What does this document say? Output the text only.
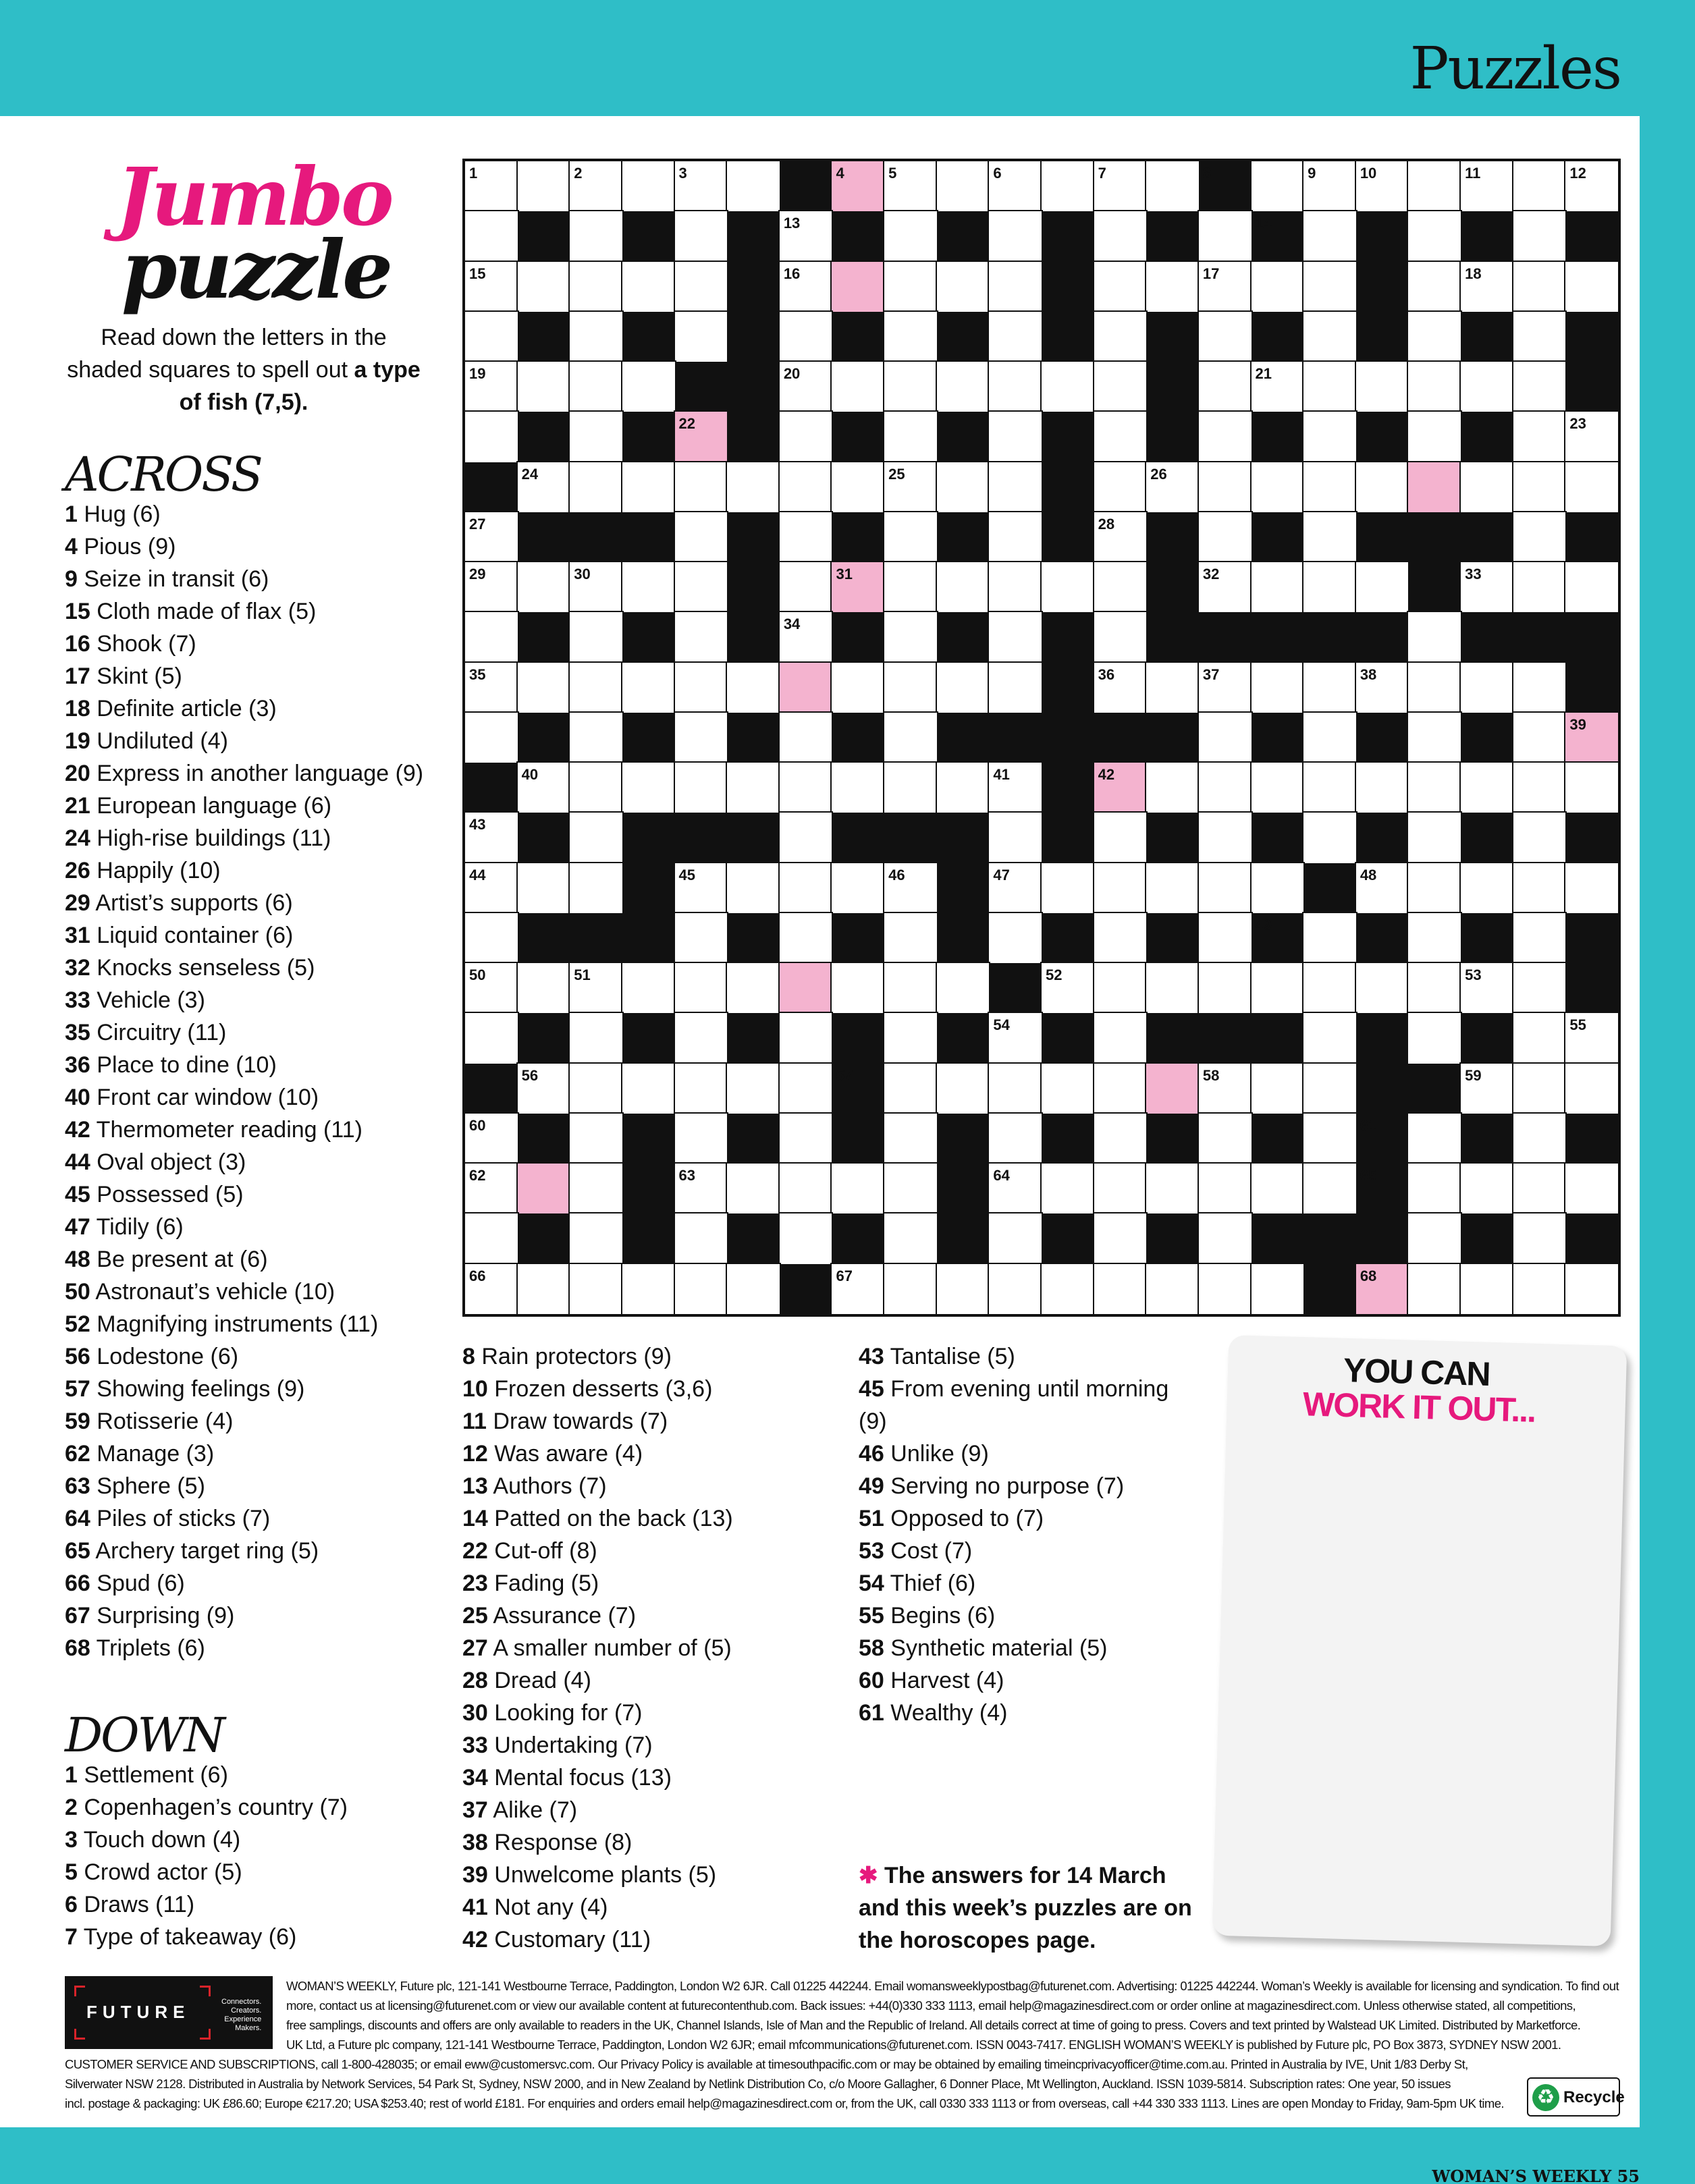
Puzzles
WOMAN’S WEEKLY 55
Jumbo
puzzle
Read down the letters in the shaded squares to spell out a type of fish (7,5).
ACROSS
1 Hug (6)
4 Pious (9)
9 Seize in transit (6)
15 Cloth made of flax (5)
16 Shook (7)
17 Skint (5)
18 Definite article (3)
19 Undiluted (4)
20 Express in another language (9)
21 European language (6)
24 High-rise buildings (11)
26 Happily (10)
29 Artist’s supports (6)
31 Liquid container (6)
32 Knocks senseless (5)
33 Vehicle (3)
35 Circuitry (11)
36 Place to dine (10)
40 Front car window (10)
42 Thermometer reading (11)
44 Oval object (3)
45 Possessed (5)
47 Tidily (6)
48 Be present at (6)
50 Astronaut’s vehicle (10)
52 Magnifying instruments (11)
56 Lodestone (6)
57 Showing feelings (9)
59 Rotisserie (4)
62 Manage (3)
63 Sphere (5)
64 Piles of sticks (7)
65 Archery target ring (5)
66 Spud (6)
67 Surprising (9)
68 Triplets (6)
DOWN
1 Settlement (6)
2 Copenhagen’s country (7)
3 Touch down (4)
5 Crowd actor (5)
6 Draws (11)
7 Type of takeaway (6)
8 Rain protectors (9)
10 Frozen desserts (3,6)
11 Draw towards (7)
12 Was aware (4)
13 Authors (7)
14 Patted on the back (13)
22 Cut-off (8)
23 Fading (5)
25 Assurance (7)
27 A smaller number of (5)
28 Dread (4)
30 Looking for (7)
33 Undertaking (7)
34 Mental focus (13)
37 Alike (7)
38 Response (8)
39 Unwelcome plants (5)
41 Not any (4)
42 Customary (11)
43 Tantalise (5)
45 From evening until morning (9)
46 Unlike (9)
49 Serving no purpose (7)
51 Opposed to (7)
53 Cost (7)
54 Thief (6)
55 Begins (6)
58 Synthetic material (5)
60 Harvest (4)
61 Wealthy (4)
1	2	3	4	5	6	7	8	9	10	11	12
13	14
15	16	17	18
19	20	21
22	23
24	25	26
27	28
29	30	31	32	33
34
35	36	37	38
39
40	41	42
43
44	45	46	47	48
49
50	51	52	53
54	55
56	57	58	59
60	61
62	63	64	65
66	67	68
YOU CAN
WORK IT OUT...
✱ The answers for 14 March and this week’s puzzles are on the horoscopes page.
FUTURE	Connectors.
Creators.
Experience
Makers.
WOMAN’S WEEKLY, Future plc, 121-141 Westbourne Terrace, Paddington, London W2 6JR. Call 01225 442244. Email womansweeklypostbag@futurenet.com. Advertising: 01225 442244. Woman’s Weekly is available for licensing and syndication. To find out
more, contact us at licensing@futurenet.com or view our available content at futurecontenthub.com. Back issues: +44(0)330 333 1113, email help@magazinesdirect.com or order online at magazinesdirect.com. Unless otherwise stated, all competitions,
free samplings, discounts and offers are only available to readers in the UK, Channel Islands, Isle of Man and the Republic of Ireland. All details correct at time of going to press. Covers and text printed by Walstead UK Limited. Distributed by Marketforce.
UK Ltd, a Future plc company, 121-141 Westbourne Terrace, Paddington, London W2 6JR; email mfcommunications@futurenet.com. ISSN 0043-7417. ENGLISH WOMAN’S WEEKLY is published by Future plc, PO Box 3873, SYDNEY NSW 2001.
CUSTOMER SERVICE AND SUBSCRIPTIONS, call 1-800-428035; or email eww@customersvc.com. Our Privacy Policy is available at timesouthpacific.com or may be obtained by emailing timeincprivacyofficer@time.com.au. Printed in Australia by IVE, Unit 1/83 Derby St,
Silverwater NSW 2128. Distributed in Australia by Network Services, 54 Park St, Sydney, NSW 2000, and in New Zealand by Netlink Distribution Co, c/o Moore Gallagher, 6 Donner Place, Mt Wellington, Auckland. ISSN 1039-5814. Subscription rates: One year, 50 issues
incl. postage & packaging: UK £86.60; Europe €217.20; USA $253.40; rest of world £181. For enquiries and orders email help@magazinesdirect.com or, from the UK, call 0330 333 1113 or from overseas, call +44 330 333 1113. Lines are open Monday to Friday, 9am-5pm UK time.	♻ Recycle
